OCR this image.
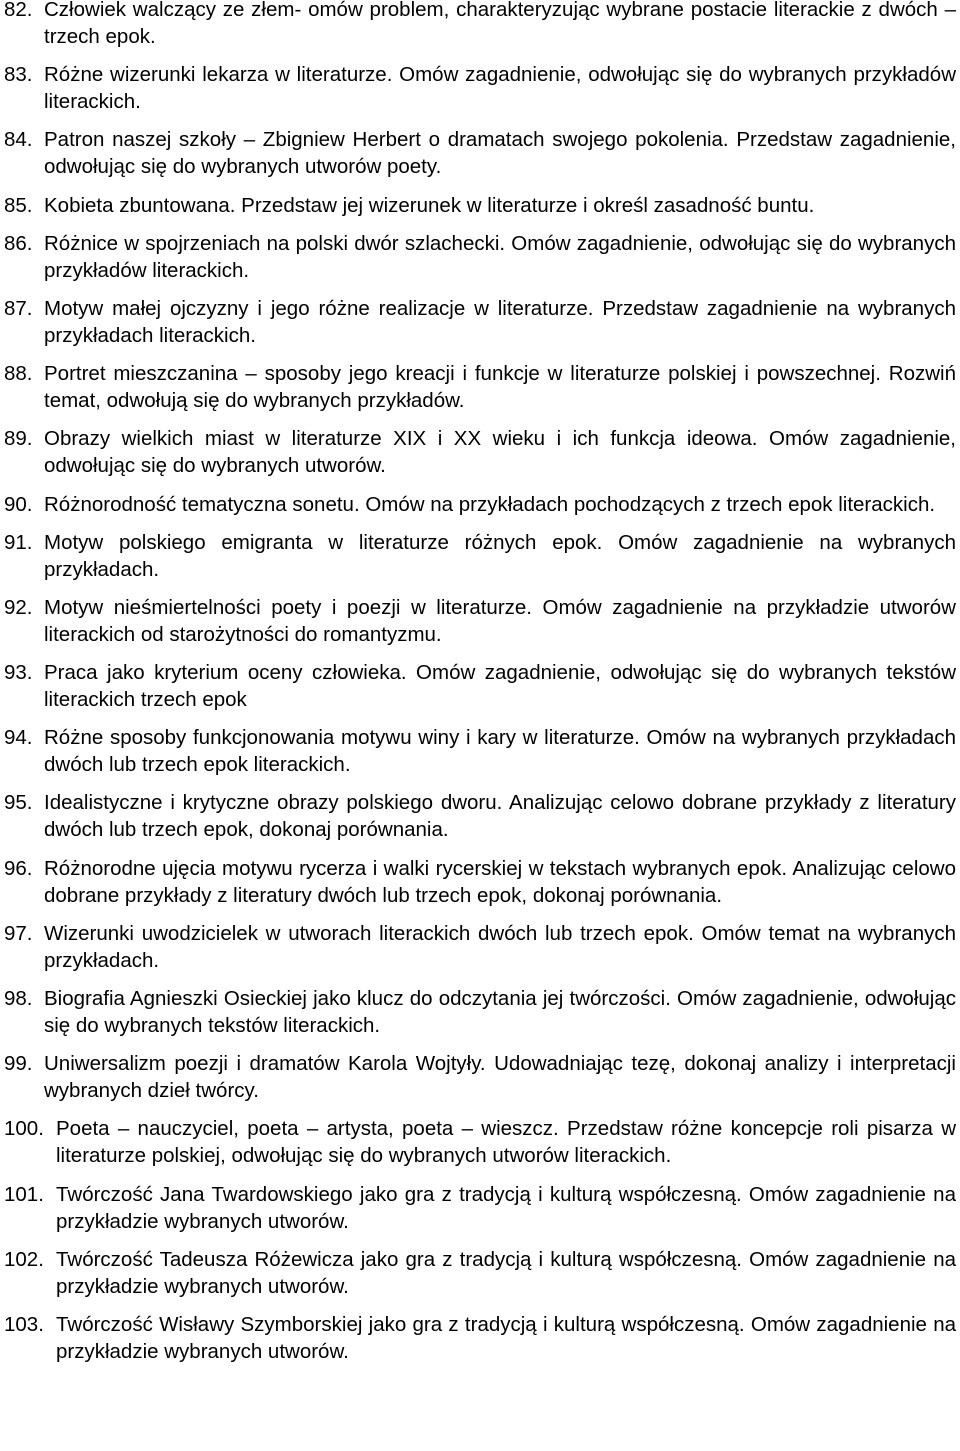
82. Człowiek walczący ze złem- omów problem, charakteryzując wybrane postacie literackie z dwóch – trzech epok.
83. Różne wizerunki lekarza w literaturze. Omów zagadnienie, odwołując się do wybranych przykładów literackich.
84. Patron naszej szkoły – Zbigniew Herbert o dramatach swojego pokolenia. Przedstaw zagadnienie, odwołując się do wybranych utworów poety.
85. Kobieta zbuntowana. Przedstaw jej wizerunek w literaturze i określ zasadność buntu.
86. Różnice w spojrzeniach na polski dwór szlachecki. Omów zagadnienie, odwołując się do wybranych przykładów literackich.
87. Motyw małej ojczyzny i jego różne realizacje w literaturze. Przedstaw zagadnienie na wybranych przykładach literackich.
88. Portret mieszczanina – sposoby jego kreacji i funkcje w literaturze polskiej i powszechnej. Rozwiń temat, odwołują się do wybranych przykładów.
89. Obrazy wielkich miast w literaturze XIX i XX wieku i ich funkcja ideowa. Omów zagadnienie, odwołując się do wybranych utworów.
90. Różnorodność tematyczna sonetu. Omów na przykładach pochodzących z trzech epok literackich.
91. Motyw polskiego emigranta w literaturze różnych epok. Omów zagadnienie na wybranych przykładach.
92. Motyw nieśmiertelności poety i poezji w literaturze. Omów zagadnienie na przykładzie utworów literackich od starożytności do romantyzmu.
93. Praca jako kryterium oceny człowieka. Omów zagadnienie, odwołując się do wybranych tekstów literackich trzech epok
94. Różne sposoby funkcjonowania motywu winy i kary w literaturze. Omów na wybranych przykładach dwóch lub trzech epok literackich.
95. Idealistyczne i krytyczne obrazy polskiego dworu. Analizując celowo dobrane przykłady z literatury dwóch lub trzech epok, dokonaj porównania.
96. Różnorodne ujęcia motywu rycerza i walki rycerskiej w tekstach wybranych epok. Analizując celowo dobrane przykłady z literatury dwóch lub trzech epok, dokonaj porównania.
97. Wizerunki uwodzicielek w utworach literackich dwóch lub trzech epok. Omów temat na wybranych przykładach.
98. Biografia Agnieszki Osieckiej jako klucz do odczytania jej twórczości. Omów zagadnienie, odwołując się do wybranych tekstów literackich.
99. Uniwersalizm poezji i dramatów Karola Wojtyły. Udowadniając tezę, dokonaj analizy i interpretacji wybranych dzieł twórcy.
100. Poeta – nauczyciel, poeta – artysta, poeta – wieszcz. Przedstaw różne koncepcje roli pisarza w literaturze polskiej, odwołując się do wybranych utworów literackich.
101. Twórczość Jana Twardowskiego jako gra z tradycją i kulturą współczesną. Omów zagadnienie na przykładzie wybranych utworów.
102. Twórczość Tadeusza Różewicza jako gra z tradycją i kulturą współczesną. Omów zagadnienie na przykładzie wybranych utworów.
103. Twórczość Wisławy Szymborskiej jako gra z tradycją i kulturą współczesną. Omów zagadnienie na przykładzie wybranych utworów.
